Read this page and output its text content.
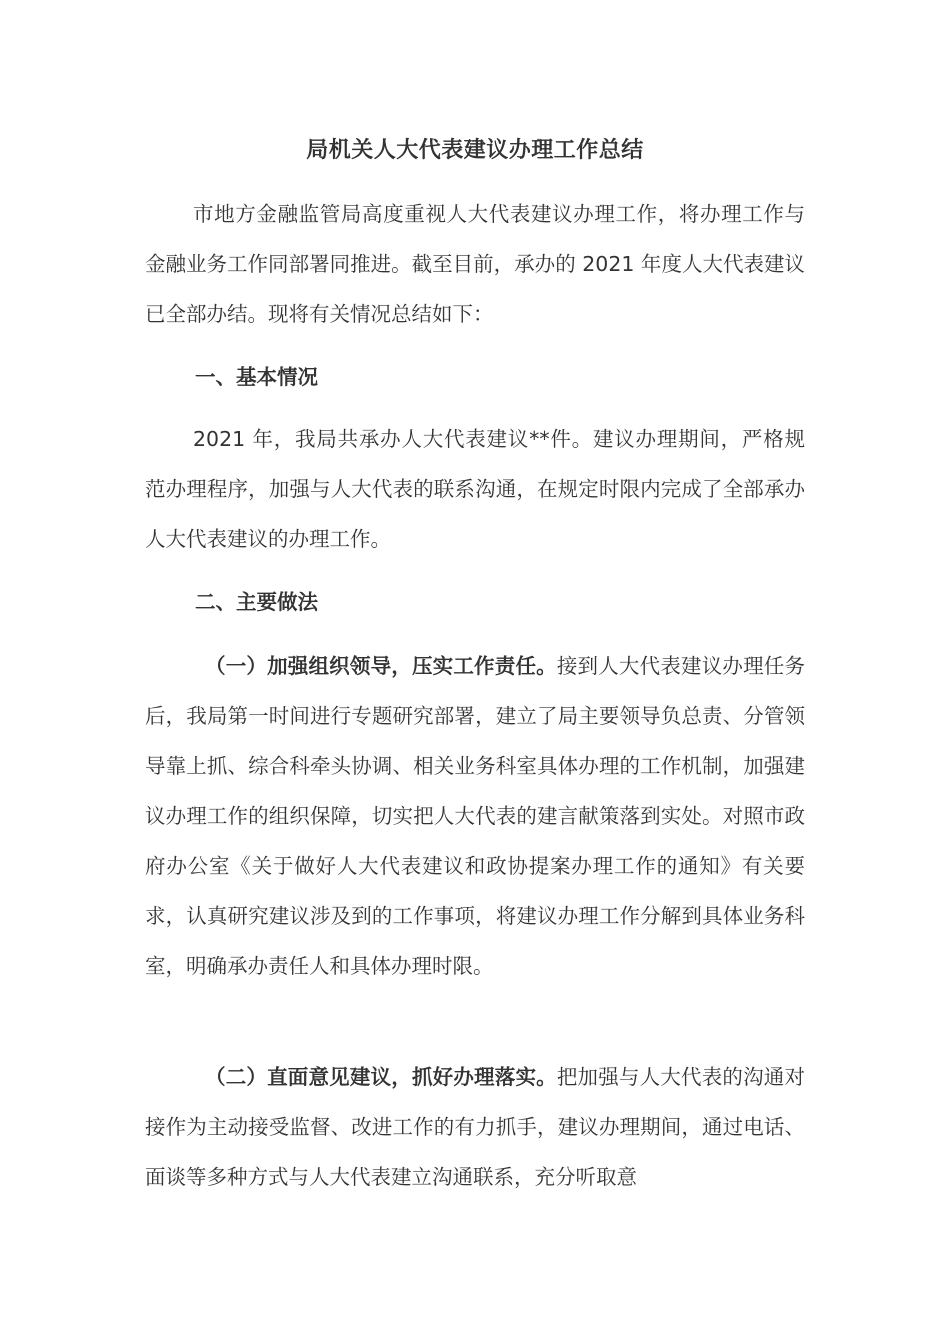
局机关人大代表建议办理工作总结

市地方金融监管局高度重视人大代表建议办理工作，将办理工作与金融业务工作同部署同推进。截至目前，承办的 2021 年度人大代表建议已全部办结。现将有关情况总结如下：

一、基本情况

2021 年，我局共承办人大代表建议**件。建议办理期间，严格规范办理程序，加强与人大代表的联系沟通，在规定时限内完成了全部承办人大代表建议的办理工作。

二、主要做法

（一）加强组织领导，压实工作责任。接到人大代表建议办理任务后，我局第一时间进行专题研究部署，建立了局主要领导负总责、分管领导靠上抓、综合科牵头协调、相关业务科室具体办理的工作机制，加强建议办理工作的组织保障，切实把人大代表的建言献策落到实处。对照市政府办公室《关于做好人大代表建议和政协提案办理工作的通知》有关要求，认真研究建议涉及到的工作事项，将建议办理工作分解到具体业务科室，明确承办责任人和具体办理时限。

（二）直面意见建议，抓好办理落实。把加强与人大代表的沟通对接作为主动接受监督、改进工作的有力抓手，建议办理期间，通过电话、面谈等多种方式与人大代表建立沟通联系，充分听取意
